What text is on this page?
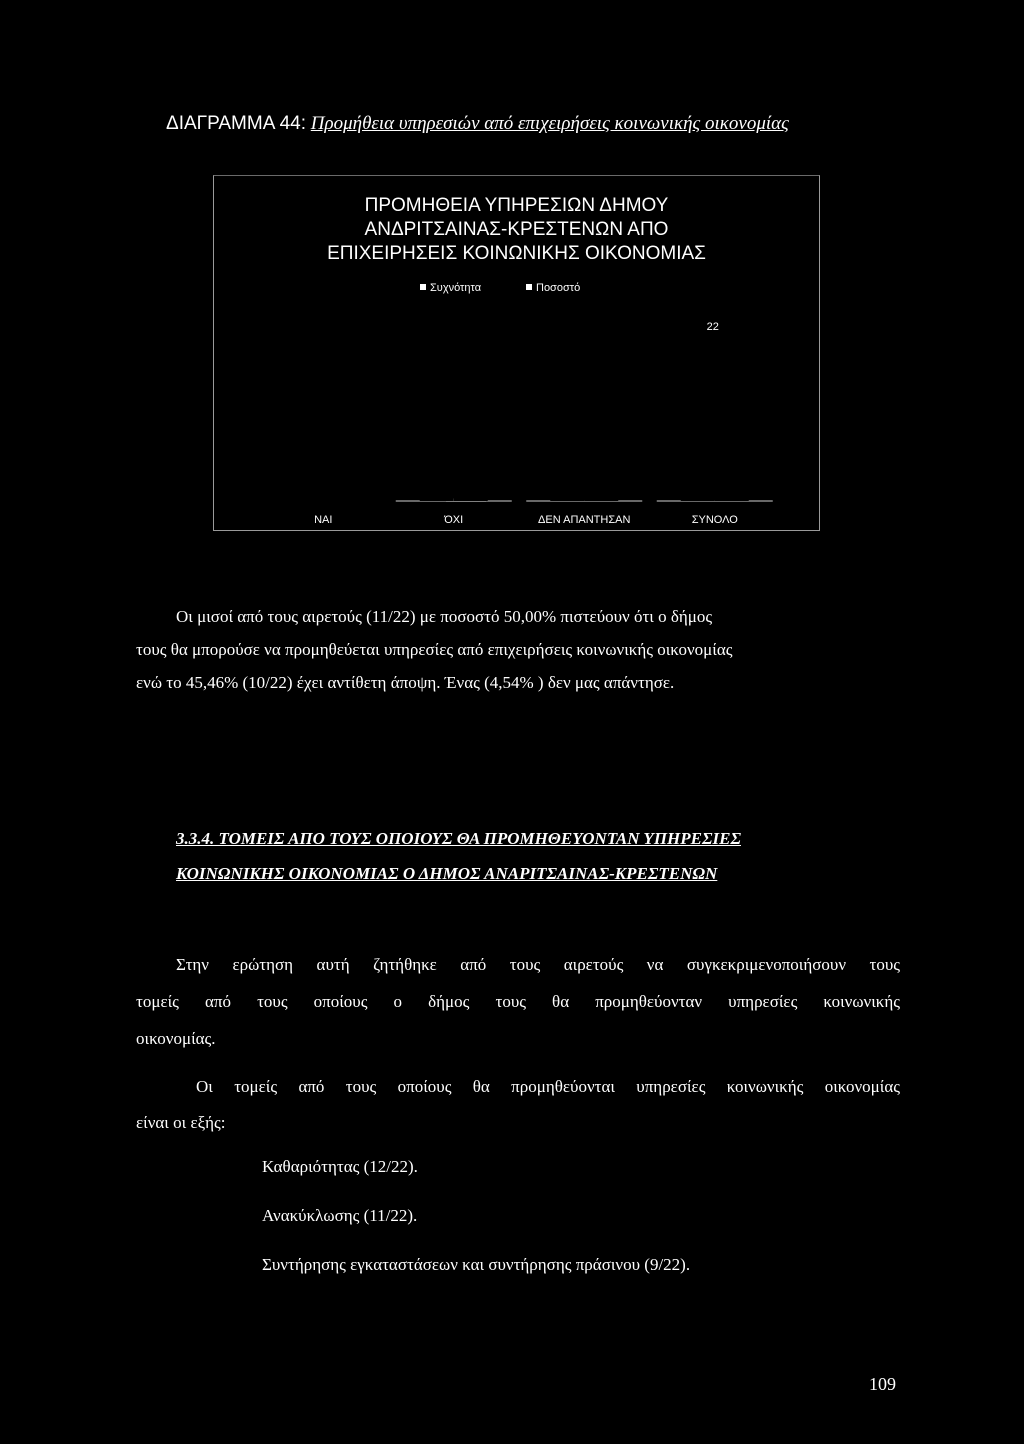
ΔΙΑΓΡΑΜΜΑ 44: Προμήθεια υπηρεσιών από επιχειρήσεις κοινωνικής οικονομίας
ΠΡΟΜΗΘΕΙΑ ΥΠΗΡΕΣΙΩΝ ΔΗΜΟΥ
ΑΝΔΡΙΤΣΑΙΝΑΣ-ΚΡΕΣΤΕΝΩΝ ΑΠΟ
ΕΠΙΧΕΙΡΗΣΕΙΣ ΚΟΙΝΩΝΙΚΗΣ ΟΙΚΟΝΟΜΙΑΣ
Συχνότητα	Ποσοστό
ΝΑΙ	ΌΧΙ	ΔΕΝ ΑΠΑΝΤΗΣΑΝ	ΣΥΝΟΛΟ
22
Οι μισοί από τους αιρετούς (11/22) με ποσοστό 50,00% πιστεύουν ότι ο δήμος
τους θα μπορούσε να προμηθεύεται υπηρεσίες από επιχειρήσεις κοινωνικής οικονομίας
ενώ το 45,46% (10/22) έχει αντίθετη άποψη. Ένας (4,54% ) δεν μας απάντησε.
3.3.4. ΤΟΜΕΙΣ ΑΠΟ ΤΟΥΣ ΟΠΟΙΟΥΣ ΘΑ ΠΡΟΜΗΘΕΥΟΝΤΑΝ ΥΠΗΡΕΣΙΕΣ
ΚΟΙΝΩΝΙΚΗΣ ΟΙΚΟΝΟΜΙΑΣ Ο ΔΗΜΟΣ ΑΝΑΡΙΤΣΑΙΝΑΣ-ΚΡΕΣΤΕΝΩΝ
Στην ερώτηση αυτή ζητήθηκε από τους αιρετούς να συγκεκριμενοποιήσουν τους
τομείς από τους οποίους ο δήμος τους θα προμηθεύονταν υπηρεσίες κοινωνικής
οικονομίας.
Οι τομείς από τους οποίους θα προμηθεύονται υπηρεσίες κοινωνικής οικονομίας
είναι οι εξής:
Καθαριότητας (12/22).
Ανακύκλωσης (11/22).
Συντήρησης εγκαταστάσεων και συντήρησης πράσινου (9/22).
109
